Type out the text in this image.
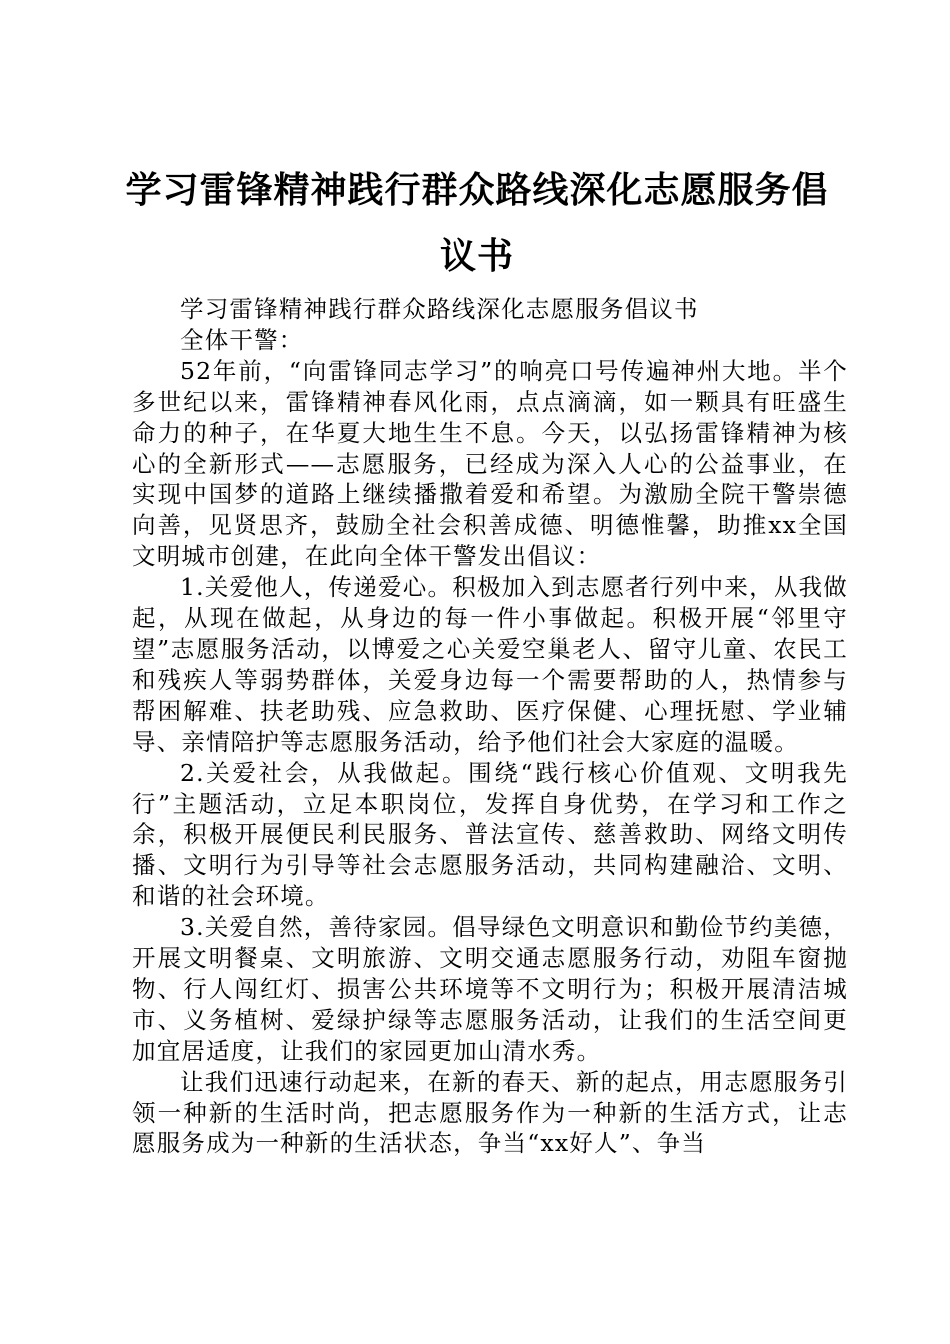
学习雷锋精神践行群众路线深化志愿服务倡议书

学习雷锋精神践行群众路线深化志愿服务倡议书

全体干警：

52年前，“向雷锋同志学习”的响亮口号传遍神州大地。半个多世纪以来，雷锋精神春风化雨，点点滴滴，如一颗具有旺盛生命力的种子，在华夏大地生生不息。今天，以弘扬雷锋精神为核心的全新形式——志愿服务，已经成为深入人心的公益事业，在实现中国梦的道路上继续播撒着爱和希望。为激励全院干警崇德向善，见贤思齐，鼓励全社会积善成德、明德惟馨，助推xx全国文明城市创建，在此向全体干警发出倡议：

1.关爱他人，传递爱心。积极加入到志愿者行列中来，从我做起，从现在做起，从身边的每一件小事做起。积极开展“邻里守望”志愿服务活动，以博爱之心关爱空巢老人、留守儿童、农民工和残疾人等弱势群体，关爱身边每一个需要帮助的人，热情参与帮困解难、扶老助残、应急救助、医疗保健、心理抚慰、学业辅导、亲情陪护等志愿服务活动，给予他们社会大家庭的温暖。

2.关爱社会，从我做起。围绕“践行核心价值观、文明我先行”主题活动，立足本职岗位，发挥自身优势，在学习和工作之余，积极开展便民利民服务、普法宣传、慈善救助、网络文明传播、文明行为引导等社会志愿服务活动，共同构建融洽、文明、和谐的社会环境。

3.关爱自然，善待家园。倡导绿色文明意识和勤俭节约美德，开展文明餐桌、文明旅游、文明交通志愿服务行动，劝阻车窗抛物、行人闯红灯、损害公共环境等不文明行为；积极开展清洁城市、义务植树、爱绿护绿等志愿服务活动，让我们的生活空间更加宜居适度，让我们的家园更加山清水秀。

让我们迅速行动起来，在新的春天、新的起点，用志愿服务引领一种新的生活时尚，把志愿服务作为一种新的生活方式，让志愿服务成为一种新的生活状态，争当“xx好人”、争当
